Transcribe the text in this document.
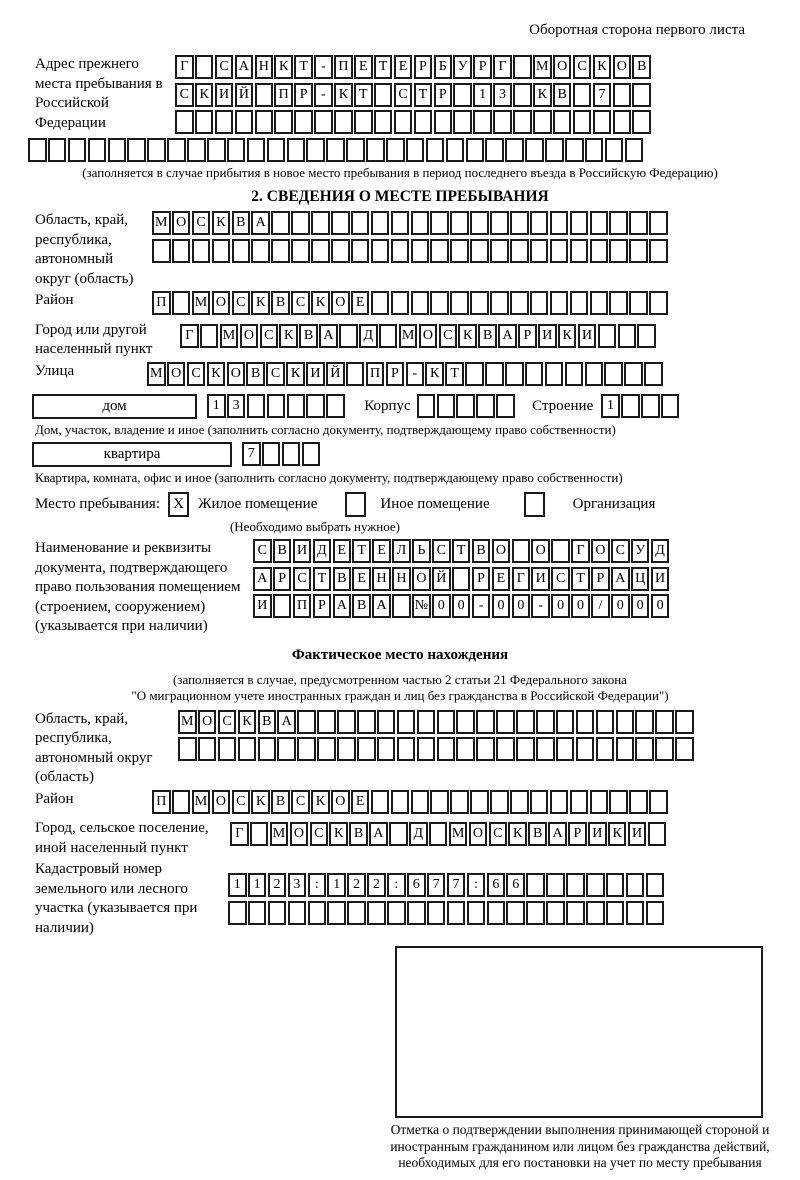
Оборотная сторона первого листа
Адрес прежнего места пребывания в Российской Федерации
Г	С А Н К Т - П Е Т Е Р Б У Р Г	М О С К О В
С К И Й П Р - К Т	С Т Р	1 3	К В	7
(заполняется в случае прибытия в новое место пребывания в период последнего въезда в Российскую Федерацию)
2. СВЕДЕНИЯ О МЕСТЕ ПРЕБЫВАНИЯ
Область, край, республика, автономный округ (область)
М О С К В А
Район	П М О С К В С К О Е
Город или другой населенный пункт
Г	М О С К В А	Д	М О С К В А Р И К И
Улица	М О С К О В С К И Й П Р - К Т
дом	1 3	Корпус	Строение 1
Дом, участок, владение и иное (заполнить согласно документу, подтверждающему право собственности)
квартира	7
Квартира, комната, офис и иное (заполнить согласно документу, подтверждающему право собственности)
Место пребывания: X Жилое помещение	Иное помещение	Организация
(Необходимо выбрать нужное)
Наименование и реквизиты документа, подтверждающего право пользования помещением (строением, сооружением) (указывается при наличии)
С В И Д Е Т Е Л Ь С Т В О О	Г О С У Д
А Р С Т В Е Н Н О Й	Р Е Г И С Т Р А Ц И
И П Р А В А № 0 0	-	0 0	-	0 0	/	0 0 0
Фактическое место нахождения
(заполняется в случае, предусмотренном частью 2 статьи 21 Федерального закона
"О миграционном учете иностранных граждан и лиц без гражданства в Российской Федерации")
Область, край, республика, автономный округ (область)
М О С К В А
Район	П М О С К В С К О Е
Город, сельское поселение, иной населенный пункт
Г	М О С К В А	Д	М О С К В А Р И К И
Кадастровый номер земельного или лесного участка (указывается при наличии)
1 1 2 3	:	1 2 2	:	6 7 7	:	6 6
Отметка о подтверждении выполнения принимающей стороной и иностранным гражданином или лицом без гражданства действий, необходимых для его постановки на учет по месту пребывания
